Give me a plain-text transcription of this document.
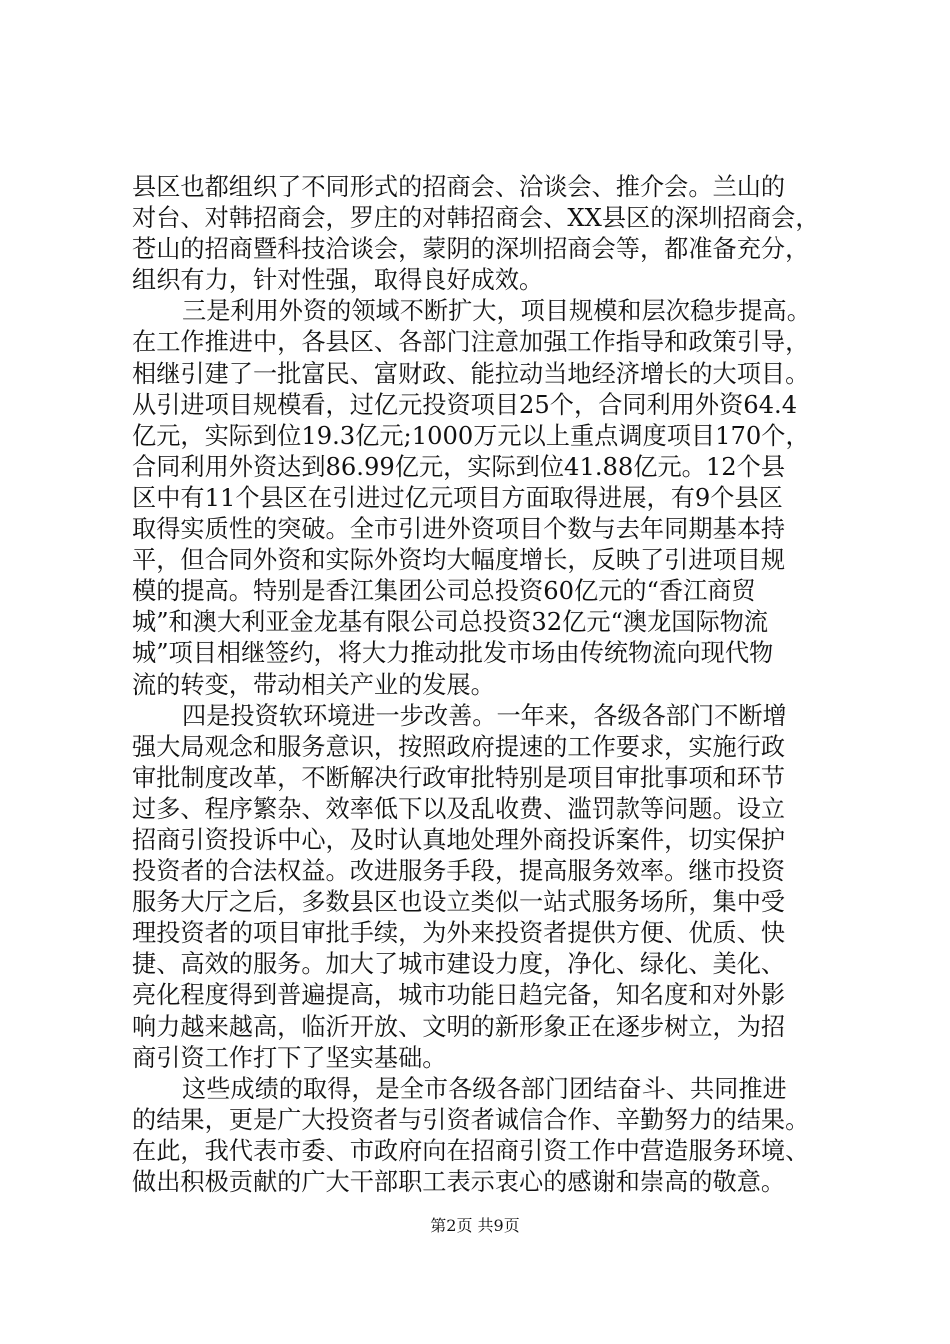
县区也都组织了不同形式的招商会、洽谈会、推介会。兰山的
对台、对韩招商会，罗庄的对韩招商会、XX县区的深圳招商会，
苍山的招商暨科技洽谈会，蒙阴的深圳招商会等，都准备充分，
组织有力，针对性强，取得良好成效。
三是利用外资的领域不断扩大，项目规模和层次稳步提高。
在工作推进中，各县区、各部门注意加强工作指导和政策引导，
相继引建了一批富民、富财政、能拉动当地经济增长的大项目。
从引进项目规模看，过亿元投资项目25个，合同利用外资64.4
亿元，实际到位19.3亿元;1000万元以上重点调度项目170个，
合同利用外资达到86.99亿元，实际到位41.88亿元。12个县
区中有11个县区在引进过亿元项目方面取得进展，有9个县区
取得实质性的突破。全市引进外资项目个数与去年同期基本持
平，但合同外资和实际外资均大幅度增长，反映了引进项目规
模的提高。特别是香江集团公司总投资60亿元的“香江商贸
城”和澳大利亚金龙基有限公司总投资32亿元“澳龙国际物流
城”项目相继签约，将大力推动批发市场由传统物流向现代物
流的转变，带动相关产业的发展。
四是投资软环境进一步改善。一年来，各级各部门不断增
强大局观念和服务意识，按照政府提速的工作要求，实施行政
审批制度改革，不断解决行政审批特别是项目审批事项和环节
过多、程序繁杂、效率低下以及乱收费、滥罚款等问题。设立
招商引资投诉中心，及时认真地处理外商投诉案件，切实保护
投资者的合法权益。改进服务手段，提高服务效率。继市投资
服务大厅之后，多数县区也设立类似一站式服务场所，集中受
理投资者的项目审批手续，为外来投资者提供方便、优质、快
捷、高效的服务。加大了城市建设力度，净化、绿化、美化、
亮化程度得到普遍提高，城市功能日趋完备，知名度和对外影
响力越来越高，临沂开放、文明的新形象正在逐步树立，为招
商引资工作打下了坚实基础。
这些成绩的取得，是全市各级各部门团结奋斗、共同推进
的结果，更是广大投资者与引资者诚信合作、辛勤努力的结果。
在此，我代表市委、市政府向在招商引资工作中营造服务环境、
做出积极贡献的广大干部职工表示衷心的感谢和崇高的敬意。
第2页 共9页
